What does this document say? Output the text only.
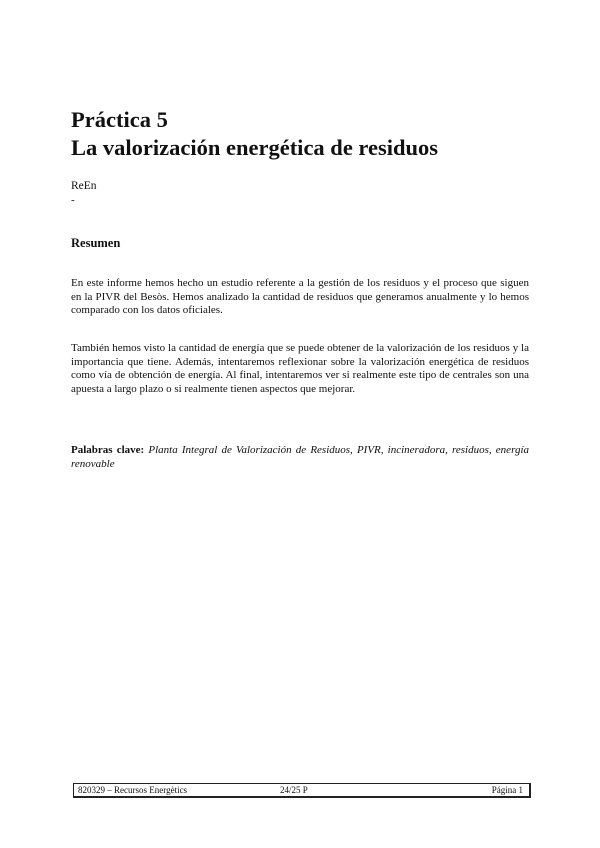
Práctica 5
La valorización energética de residuos
ReEn
-
Resumen

En este informe hemos hecho un estudio referente a la gestión de los residuos y el proceso que siguen en la PIVR del Besòs. Hemos analizado la cantidad de residuos que generamos anualmente y lo hemos comparado con los datos oficiales.

También hemos visto la cantidad de energía que se puede obtener de la valorización de los residuos y la importancia que tiene. Además, intentaremos reflexionar sobre la valorización energética de residuos como vía de obtención de energía. Al final, intentaremos ver si realmente este tipo de centrales son una apuesta a largo plazo o si realmente tienen aspectos que mejorar.

Palabras clave: Planta Integral de Valorización de Residuos, PIVR, incineradora, residuos, energía renovable

820329 – Recursos Energètics	24/25 P	Página 1
